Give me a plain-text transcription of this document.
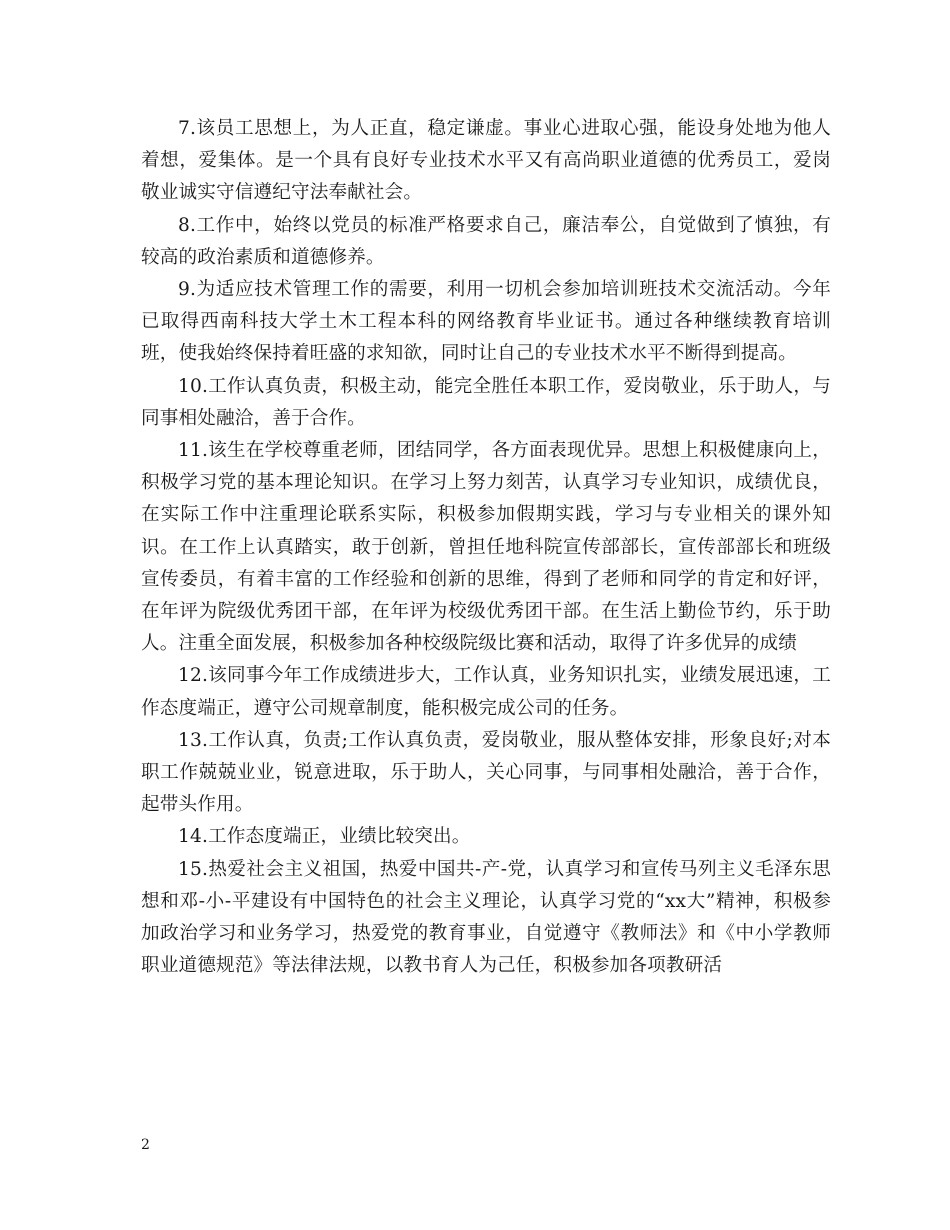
7.该员工思想上，为人正直，稳定谦虚。事业心进取心强，能设身处地为他人着想，爱集体。是一个具有良好专业技术水平又有高尚职业道德的优秀员工，爱岗敬业诚实守信遵纪守法奉献社会。

8.工作中，始终以党员的标准严格要求自己，廉洁奉公，自觉做到了慎独，有较高的政治素质和道德修养。

9.为适应技术管理工作的需要，利用一切机会参加培训班技术交流活动。今年已取得西南科技大学土木工程本科的网络教育毕业证书。通过各种继续教育培训班，使我始终保持着旺盛的求知欲，同时让自己的专业技术水平不断得到提高。

10.工作认真负责，积极主动，能完全胜任本职工作，爱岗敬业，乐于助人，与同事相处融洽，善于合作。

11.该生在学校尊重老师，团结同学，各方面表现优异。思想上积极健康向上，积极学习党的基本理论知识。在学习上努力刻苦，认真学习专业知识，成绩优良，在实际工作中注重理论联系实际，积极参加假期实践，学习与专业相关的课外知识。在工作上认真踏实，敢于创新，曾担任地科院宣传部部长，宣传部部长和班级宣传委员，有着丰富的工作经验和创新的思维，得到了老师和同学的肯定和好评，在年评为院级优秀团干部，在年评为校级优秀团干部。在生活上勤俭节约，乐于助人。注重全面发展，积极参加各种校级院级比赛和活动，取得了许多优异的成绩

12.该同事今年工作成绩进步大，工作认真，业务知识扎实，业绩发展迅速，工作态度端正，遵守公司规章制度，能积极完成公司的任务。

13.工作认真，负责;工作认真负责，爱岗敬业，服从整体安排，形象良好;对本职工作兢兢业业，锐意进取，乐于助人，关心同事，与同事相处融洽，善于合作，起带头作用。

14.工作态度端正，业绩比较突出。

15.热爱社会主义祖国，热爱中国共-产-党，认真学习和宣传马列主义毛泽东思想和邓-小-平建设有中国特色的社会主义理论，认真学习党的“xx大”精神，积极参加政治学习和业务学习，热爱党的教育事业，自觉遵守《教师法》和《中小学教师职业道德规范》等法律法规，以教书育人为己任，积极参加各项教研活

2
